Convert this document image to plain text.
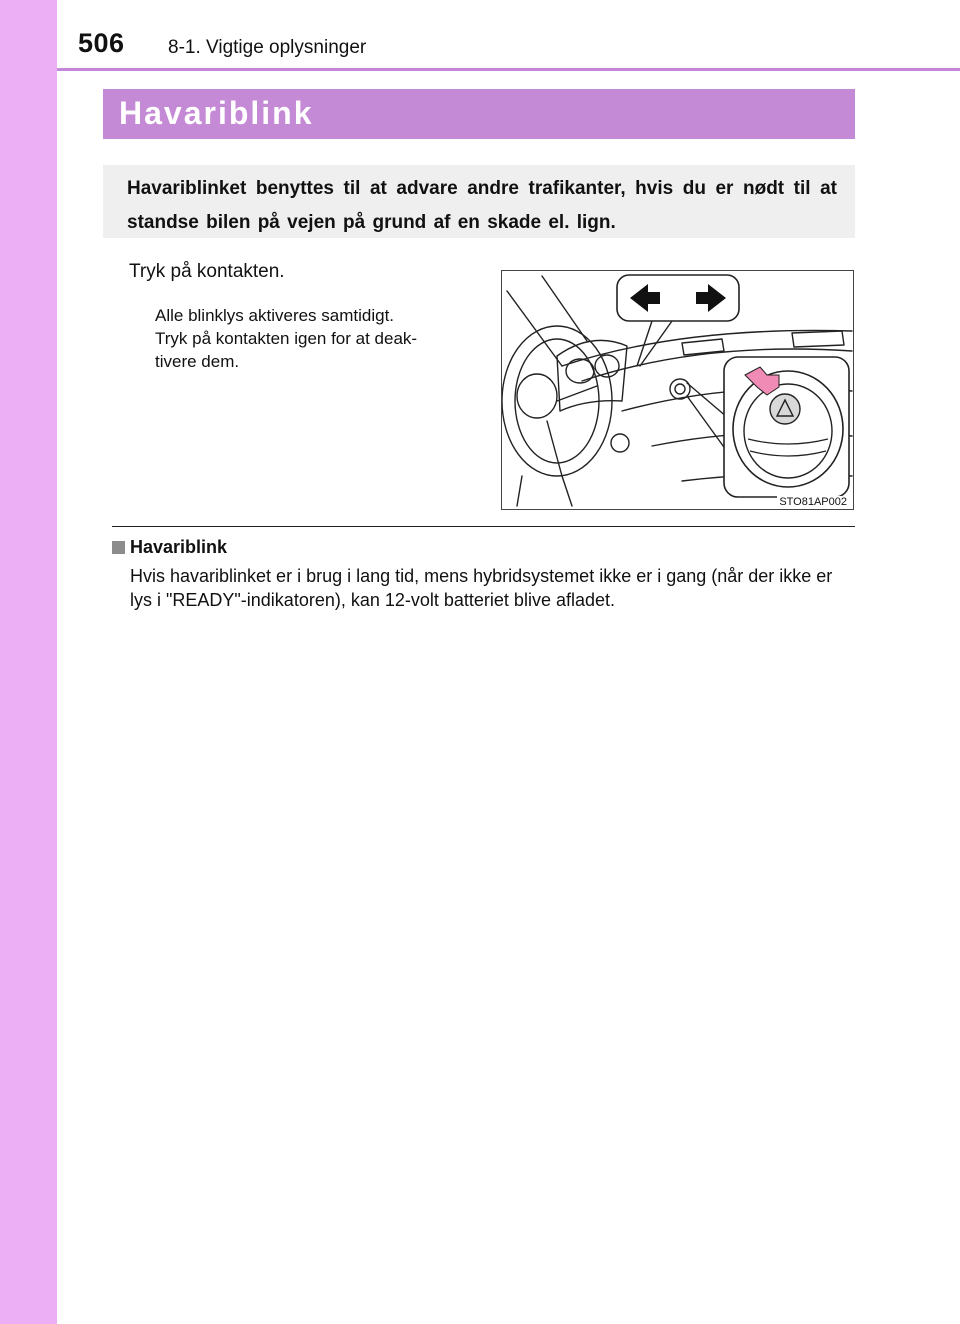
506 8-1. Vigtige oplysninger
Havariblink
Havariblinket benyttes til at advare andre trafikanter, hvis du er nødt til at standse bilen på vejen på grund af en skade el. lign.
Tryk på kontakten.
Alle blinklys aktiveres samtidigt.
Tryk på kontakten igen for at deak-
tivere dem.
STO81AP002
Havariblink
Hvis havariblinket er i brug i lang tid, mens hybridsystemet ikke er i gang (når der ikke er lys i "READY"-indikatoren), kan 12-volt batteriet blive afladet.
